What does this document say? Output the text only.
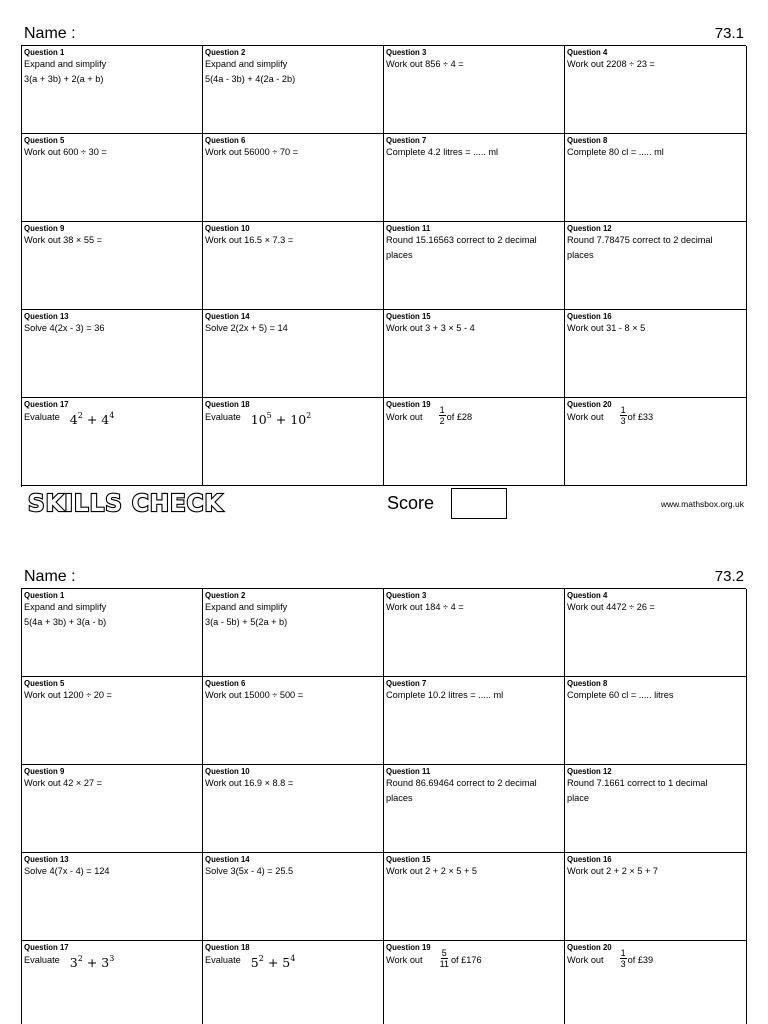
Name :	73.1
Question 1
Expand and simplify
3(a + 3b) + 2(a + b)
Question 2
Expand and simplify
5(4a - 3b) + 4(2a - 2b)
Question 3
Work out 856 ÷ 4 =
Question 4
Work out 2208 ÷ 23 =
Question 5
Work out 600 ÷ 30 =
Question 6
Work out 56000 ÷ 70 =
Question 7
Complete 4.2 litres = ..... ml
Question 8
Complete 80 cl = ..... ml
Question 9
Work out 38 × 55 =
Question 10
Work out 16.5 × 7.3 =
Question 11
Round 15.16563 correct to 2 decimal
places
Question 12
Round 7.78475 correct to 2 decimal
places
Question 13
Solve 4(2x - 3) = 36
Question 14
Solve 2(2x + 5) = 14
Question 15
Work out 3 + 3 × 5 - 4
Question 16
Work out 31 - 8 × 5
Question 17
Evaluate $4^2 + 4^4$
Question 18
Evaluate $10^5 + 10^2$
Question 19
Work out $\frac{1}{2}$ of £28
Question 20
Work out $\frac{1}{3}$ of £33
SKILLS CHECK	Score	www.mathsbox.org.uk
Name :	73.2
Question 1
Expand and simplify
5(4a + 3b) + 3(a - b)
Question 2
Expand and simplify
3(a - 5b) + 5(2a + b)
Question 3
Work out 184 ÷ 4 =
Question 4
Work out 4472 ÷ 26 =
Question 5
Work out 1200 ÷ 20 =
Question 6
Work out 15000 ÷ 500 =
Question 7
Complete 10.2 litres = ..... ml
Question 8
Complete 60 cl = ..... litres
Question 9
Work out 42 × 27 =
Question 10
Work out 16.9 × 8.8 =
Question 11
Round 86.69464 correct to 2 decimal
places
Question 12
Round 7.1661 correct to 1 decimal
place
Question 13
Solve 4(7x - 4) = 124
Question 14
Solve 3(5x - 4) = 25.5
Question 15
Work out 2 + 2 × 5 + 5
Question 16
Work out 2 + 2 × 5 + 7
Question 17
Evaluate $3^2 + 3^3$
Question 18
Evaluate $5^2 + 5^4$
Question 19
Work out $\frac{5}{11}$ of £176
Question 20
Work out $\frac{1}{3}$ of £39
